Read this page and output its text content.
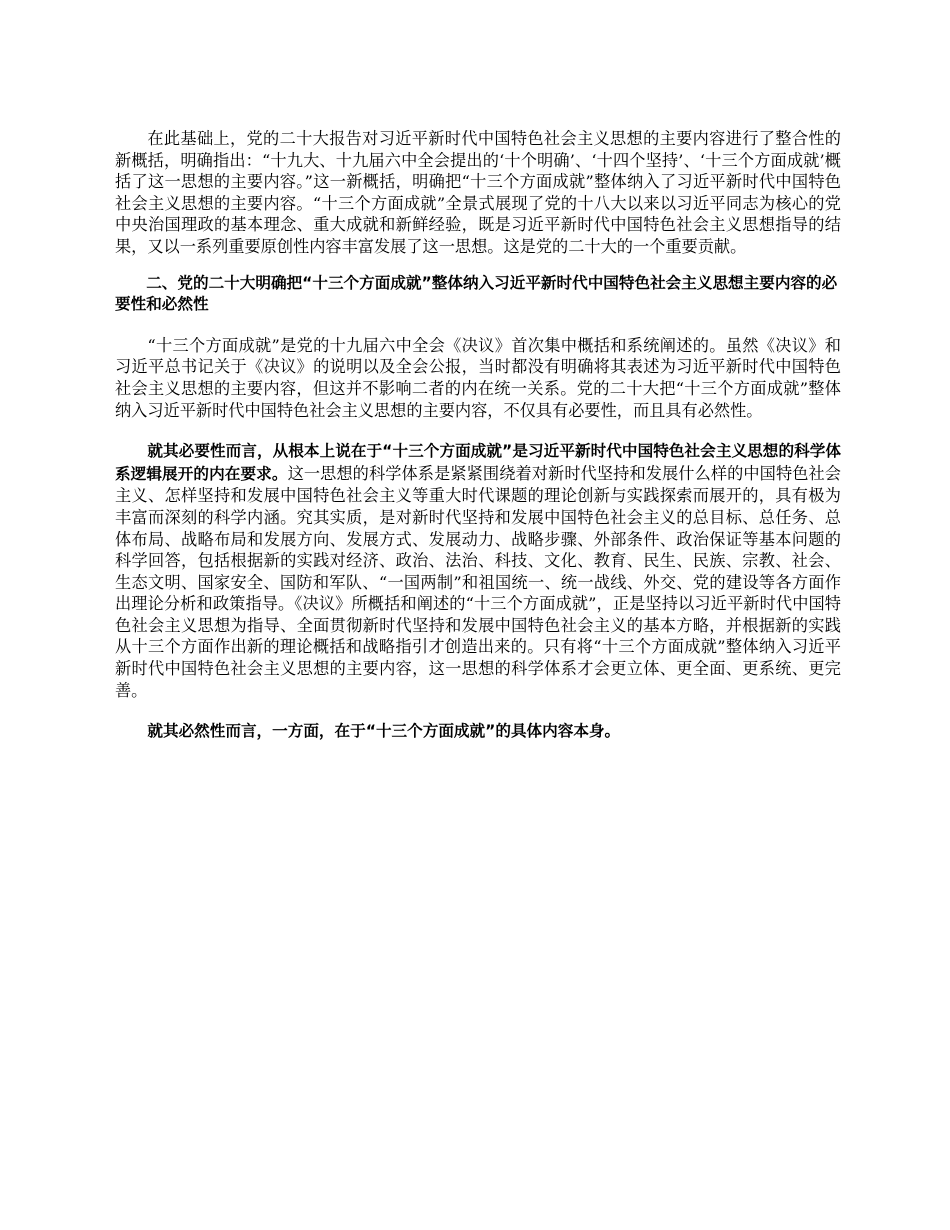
在此基础上，党的二十大报告对习近平新时代中国特色社会主义思想的主要内容进行了整合性的新概括，明确指出：“十九大、十九届六中全会提出的‘十个明确’、‘十四个坚持’、‘十三个方面成就’概括了这一思想的主要内容。”这一新概括，明确把“十三个方面成就”整体纳入了习近平新时代中国特色社会主义思想的主要内容。“十三个方面成就”全景式展现了党的十八大以来以习近平同志为核心的党中央治国理政的基本理念、重大成就和新鲜经验，既是习近平新时代中国特色社会主义思想指导的结果，又以一系列重要原创性内容丰富发展了这一思想。这是党的二十大的一个重要贡献。

二、党的二十大明确把“十三个方面成就”整体纳入习近平新时代中国特色社会主义思想主要内容的必要性和必然性

“十三个方面成就”是党的十九届六中全会《决议》首次集中概括和系统阐述的。虽然《决议》和习近平总书记关于《决议》的说明以及全会公报，当时都没有明确将其表述为习近平新时代中国特色社会主义思想的主要内容，但这并不影响二者的内在统一关系。党的二十大把“十三个方面成就”整体纳入习近平新时代中国特色社会主义思想的主要内容，不仅具有必要性，而且具有必然性。

就其必要性而言，从根本上说在于“十三个方面成就”是习近平新时代中国特色社会主义思想的科学体系逻辑展开的内在要求。这一思想的科学体系是紧紧围绕着对新时代坚持和发展什么样的中国特色社会主义、怎样坚持和发展中国特色社会主义等重大时代课题的理论创新与实践探索而展开的，具有极为丰富而深刻的科学内涵。究其实质，是对新时代坚持和发展中国特色社会主义的总目标、总任务、总体布局、战略布局和发展方向、发展方式、发展动力、战略步骤、外部条件、政治保证等基本问题的科学回答，包括根据新的实践对经济、政治、法治、科技、文化、教育、民生、民族、宗教、社会、生态文明、国家安全、国防和军队、“一国两制”和祖国统一、统一战线、外交、党的建设等各方面作出理论分析和政策指导。《决议》所概括和阐述的“十三个方面成就”，正是坚持以习近平新时代中国特色社会主义思想为指导、全面贯彻新时代坚持和发展中国特色社会主义的基本方略，并根据新的实践从十三个方面作出新的理论概括和战略指引才创造出来的。只有将“十三个方面成就”整体纳入习近平新时代中国特色社会主义思想的主要内容，这一思想的科学体系才会更立体、更全面、更系统、更完善。

就其必然性而言，一方面，在于“十三个方面成就”的具体内容本身。
